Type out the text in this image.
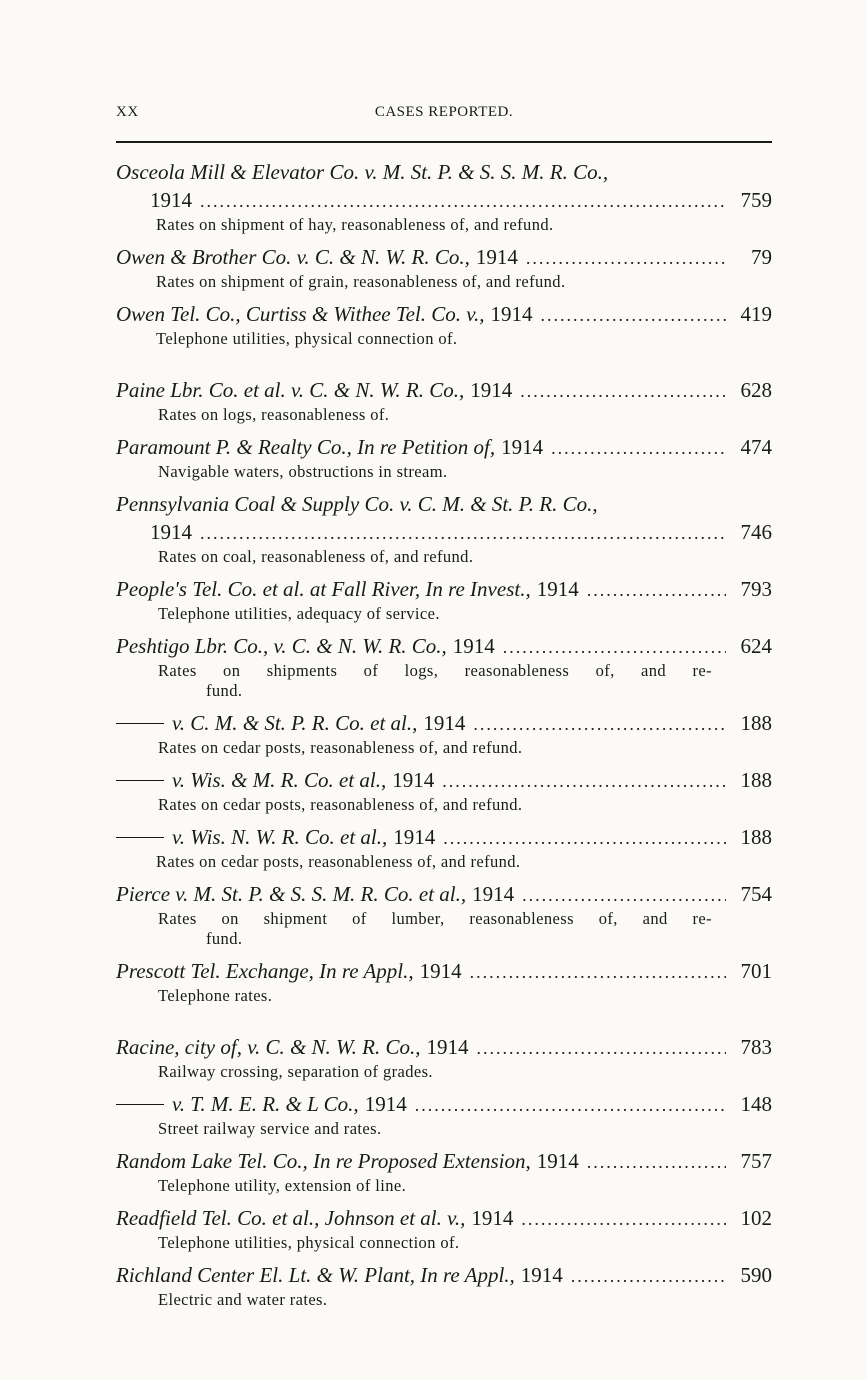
XX	CASES REPORTED.
Osceola Mill & Elevator Co. v. M. St. P. & S. S. M. R. Co.,
1914 .....	759
Rates on shipment of hay, reasonableness of, and refund.
Owen & Brother Co. v. C. & N. W. R. Co., 1914 .....	79
Rates on shipment of grain, reasonableness of, and refund.
Owen Tel. Co., Curtiss & Withee Tel. Co. v., 1914 .....	419
Telephone utilities, physical connection of.
Paine Lbr. Co. et al. v. C. & N. W. R. Co., 1914 .....	628
Rates on logs, reasonableness of.
Paramount P. & Realty Co., In re Petition of, 1914 .....	474
Navigable waters, obstructions in stream.
Pennsylvania Coal & Supply Co. v. C. M. & St. P. R. Co.,
1914 .....	746
Rates on coal, reasonableness of, and refund.
People's Tel. Co. et al. at Fall River, In re Invest., 1914 .....	793
Telephone utilities, adequacy of service.
Peshtigo Lbr. Co., v. C. & N. W. R. Co., 1914 .....	624
Rates on shipments of logs, reasonableness of, and re-
fund.
v. C. M. & St. P. R. Co. et al., 1914 .....	188
Rates on cedar posts, reasonableness of, and refund.
v. Wis. & M. R. Co. et al., 1914 .....	188
Rates on cedar posts, reasonableness of, and refund.
v. Wis. N. W. R. Co. et al., 1914 .....	188
Rates on cedar posts, reasonableness of, and refund.
Pierce v. M. St. P. & S. S. M. R. Co. et al., 1914 .....	754
Rates on shipment of lumber, reasonableness of, and re-
fund.
Prescott Tel. Exchange, In re Appl., 1914 .....	701
Telephone rates.
Racine, city of, v. C. & N. W. R. Co., 1914 .....	783
Railway crossing, separation of grades.
v. T. M. E. R. & L Co., 1914 .....	148
Street railway service and rates.
Random Lake Tel. Co., In re Proposed Extension, 1914 .....	757
Telephone utility, extension of line.
Readfield Tel. Co. et al., Johnson et al. v., 1914 .....	102
Telephone utilities, physical connection of.
Richland Center El. Lt. & W. Plant, In re Appl., 1914 .....	590
Electric and water rates.
